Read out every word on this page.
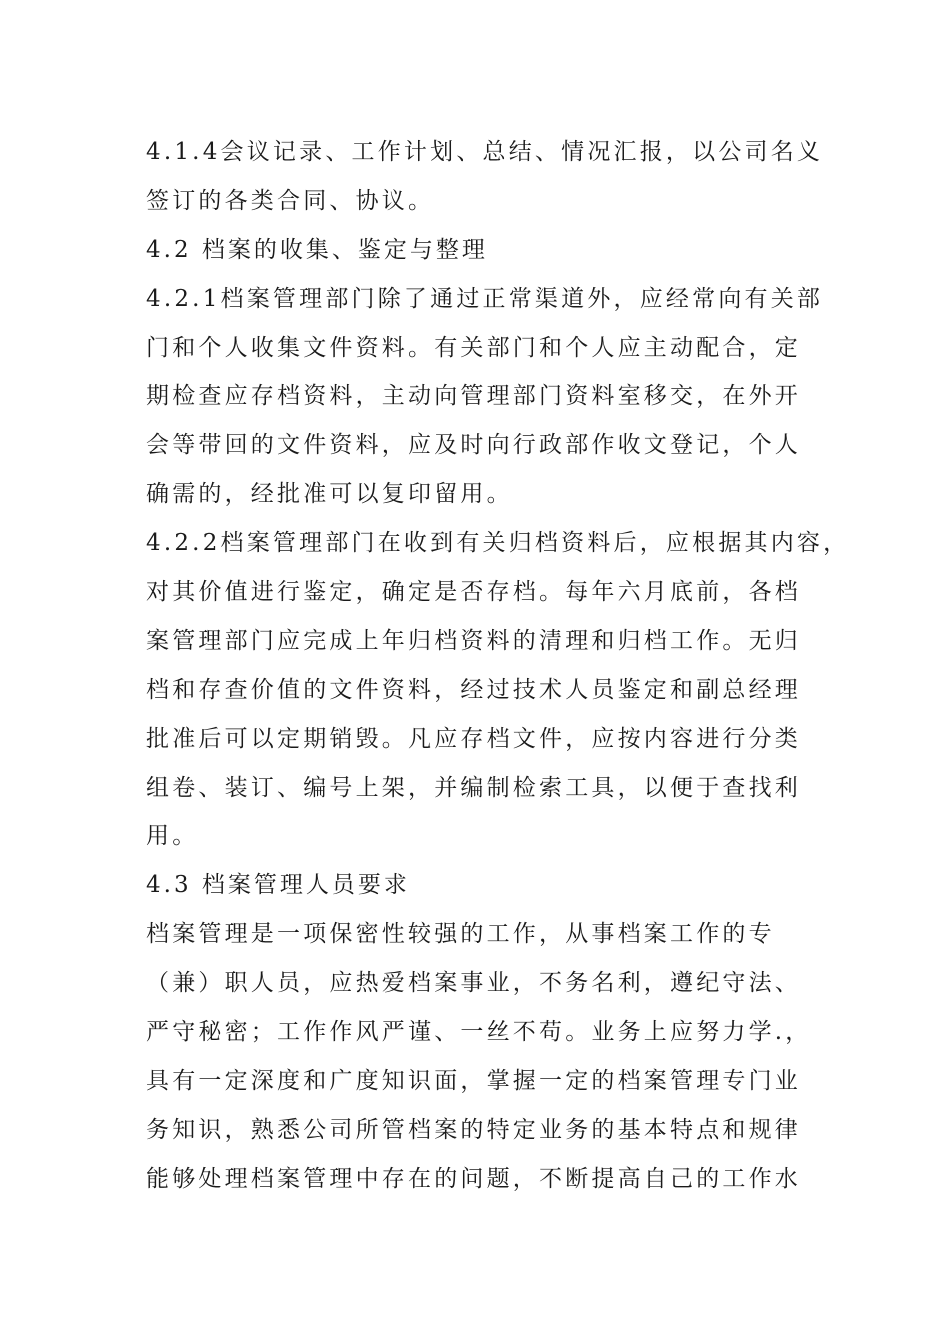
4.1.4会议记录、工作计划、总结、情况汇报，以公司名义
签订的各类合同、协议。
4.2 档案的收集、鉴定与整理
4.2.1档案管理部门除了通过正常渠道外，应经常向有关部
门和个人收集文件资料。有关部门和个人应主动配合，定
期检查应存档资料，主动向管理部门资料室移交，在外开
会等带回的文件资料，应及时向行政部作收文登记，个人
确需的，经批准可以复印留用。
4.2.2档案管理部门在收到有关归档资料后，应根据其内容，
对其价值进行鉴定，确定是否存档。每年六月底前，各档
案管理部门应完成上年归档资料的清理和归档工作。无归
档和存查价值的文件资料，经过技术人员鉴定和副总经理
批准后可以定期销毁。凡应存档文件，应按内容进行分类
组卷、装订、编号上架，并编制检索工具，以便于查找利
用。
4.3 档案管理人员要求
档案管理是一项保密性较强的工作，从事档案工作的专
（兼）职人员，应热爱档案事业，不务名利，遵纪守法、
严守秘密；工作作风严谨、一丝不苟。业务上应努力学.，
具有一定深度和广度知识面，掌握一定的档案管理专门业
务知识，熟悉公司所管档案的特定业务的基本特点和规律
能够处理档案管理中存在的问题，不断提高自己的工作水
